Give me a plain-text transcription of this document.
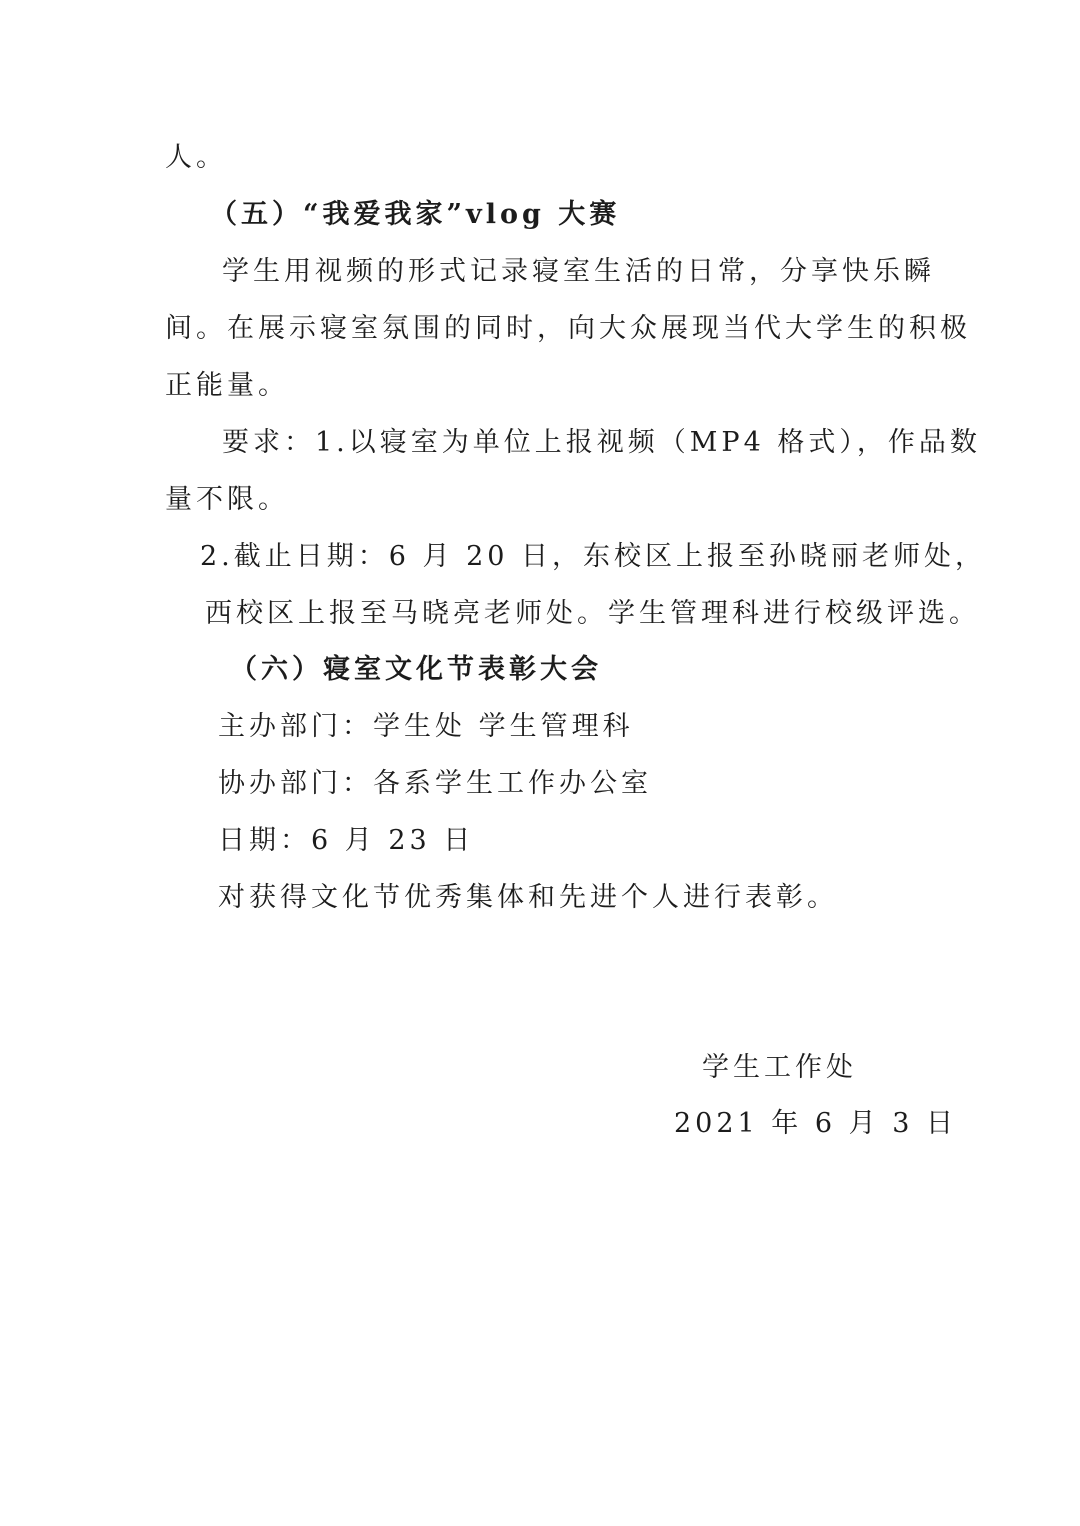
人。
（五）“我爱我家”vlog 大赛
学生用视频的形式记录寝室生活的日常，分享快乐瞬
间。在展示寝室氛围的同时，向大众展现当代大学生的积极
正能量。
要求：1.以寝室为单位上报视频（MP4 格式），作品数
量不限。
2.截止日期：6 月 20 日，东校区上报至孙晓丽老师处，
西校区上报至马晓亮老师处。学生管理科进行校级评选。
（六）寝室文化节表彰大会
主办部门：学生处 学生管理科
协办部门：各系学生工作办公室
日期：6 月 23 日
对获得文化节优秀集体和先进个人进行表彰。
学生工作处
2021 年 6 月 3 日
